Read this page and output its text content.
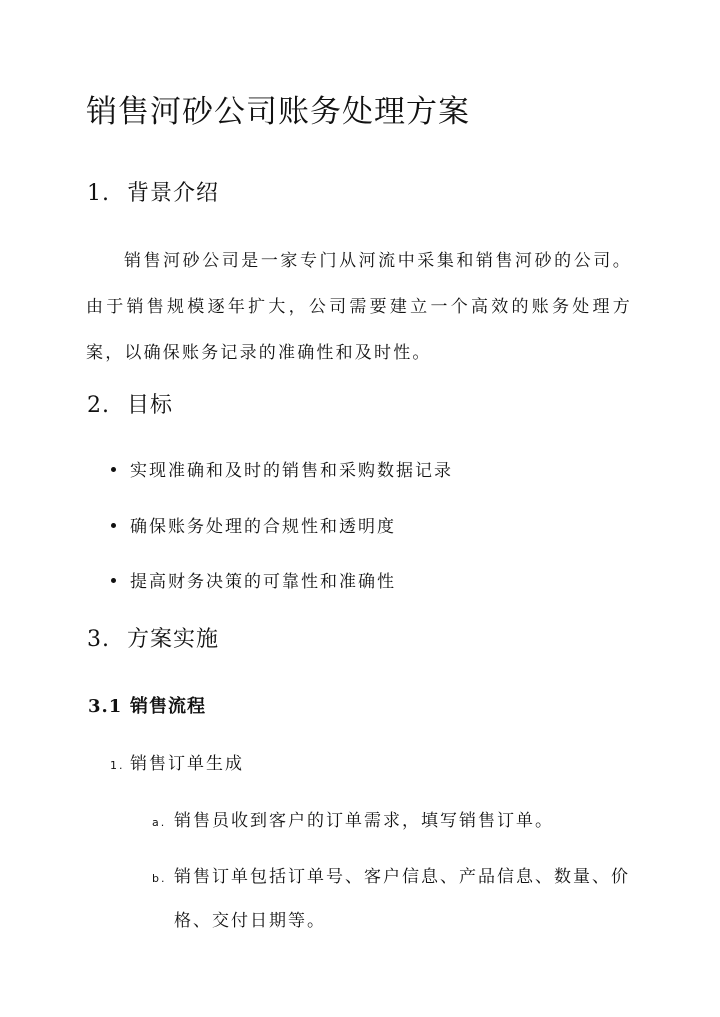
销售河砂公司账务处理方案
1. 背景介绍
销售河砂公司是一家专门从河流中采集和销售河砂的公司。由于销售规模逐年扩大，公司需要建立一个高效的账务处理方案，以确保账务记录的准确性和及时性。
2. 目标
实现准确和及时的销售和采购数据记录
确保账务处理的合规性和透明度
提高财务决策的可靠性和准确性
3. 方案实施
3.1 销售流程
1. 销售订单生成
a. 销售员收到客户的订单需求，填写销售订单。
b. 销售订单包括订单号、客户信息、产品信息、数量、价
格、交付日期等。
